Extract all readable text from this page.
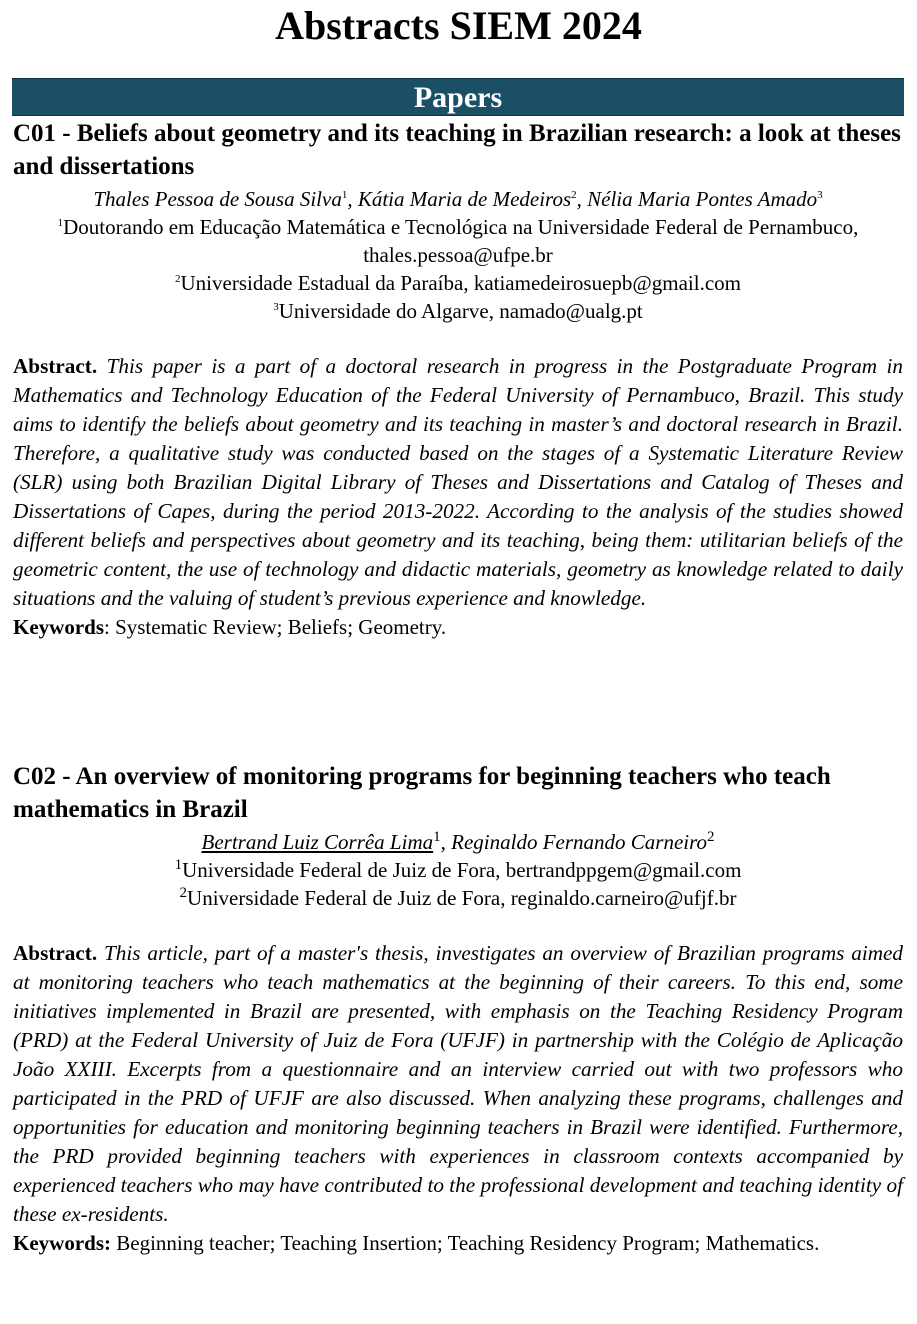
Abstracts SIEM 2024
Papers
C01 - Beliefs about geometry and its teaching in Brazilian research: a look at theses and dissertations

Thales Pessoa de Sousa Silva$^1$, Kátia Maria de Medeiros$^2$, Nélia Maria Pontes Amado$^3$

$^1$Doutorando em Educação Matemática e Tecnológica na Universidade Federal de Pernambuco, thales.pessoa@ufpe.br

$^2$Universidade Estadual da Paraíba, katiamedeirosuepb@gmail.com

$^3$Universidade do Algarve, namado@ualg.pt

Abstract. This paper is a part of a doctoral research in progress in the Postgraduate Program in Mathematics and Technology Education of the Federal University of Pernambuco, Brazil. This study aims to identify the beliefs about geometry and its teaching in master’s and doctoral research in Brazil. Therefore, a qualitative study was conducted based on the stages of a Systematic Literature Review (SLR) using both Brazilian Digital Library of Theses and Dissertations and Catalog of Theses and Dissertations of Capes, during the period 2013-2022. According to the analysis of the studies showed different beliefs and perspectives about geometry and its teaching, being them: utilitarian beliefs of the geometric content, the use of technology and didactic materials, geometry as knowledge related to daily situations and the valuing of student’s previous experience and knowledge.

Keywords: Systematic Review; Beliefs; Geometry.

C02 - An overview of monitoring programs for beginning teachers who teach mathematics in Brazil

Bertrand Luiz Corrêa Lima$^1$, Reginaldo Fernando Carneiro$^2$

$^1$Universidade Federal de Juiz de Fora, bertrandppgem@gmail.com

$^2$Universidade Federal de Juiz de Fora, reginaldo.carneiro@ufjf.br

Abstract. This article, part of a master's thesis, investigates an overview of Brazilian programs aimed at monitoring teachers who teach mathematics at the beginning of their careers. To this end, some initiatives implemented in Brazil are presented, with emphasis on the Teaching Residency Program (PRD) at the Federal University of Juiz de Fora (UFJF) in partnership with the Colégio de Aplicação João XXIII. Excerpts from a questionnaire and an interview carried out with two professors who participated in the PRD of UFJF are also discussed. When analyzing these programs, challenges and opportunities for education and monitoring beginning teachers in Brazil were identified. Furthermore, the PRD provided beginning teachers with experiences in classroom contexts accompanied by experienced teachers who may have contributed to the professional development and teaching identity of these ex-residents.

Keywords: Beginning teacher; Teaching Insertion; Teaching Residency Program; Mathematics.
